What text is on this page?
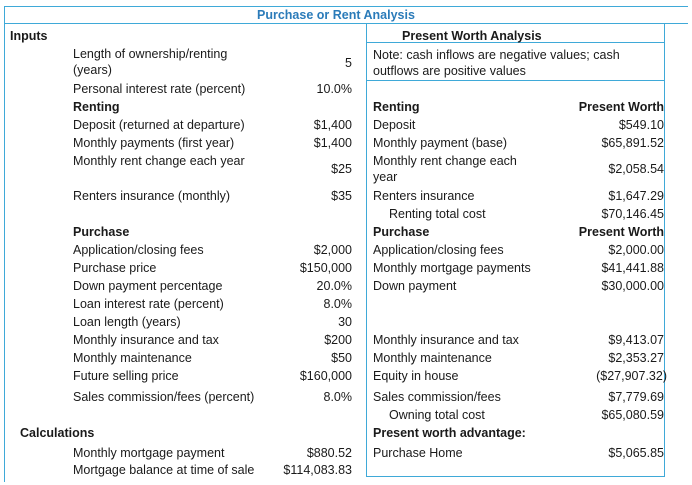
Purchase or Rent Analysis
Inputs
Calculations
Length of ownership/renting
(years)	5
Personal interest rate (percent)	10.0%
Renting
Deposit (returned at departure)	$1,400
Monthly payments (first year)	$1,400
Monthly rent change each year
$25
Renters insurance (monthly)	$35
Purchase
Application/closing fees	$2,000
Purchase price	$150,000
Down payment percentage	20.0%
Loan interest rate (percent)	8.0%
Loan length (years)	30
Monthly insurance and tax	$200
Monthly maintenance	$50
Future selling price	$160,000
Sales commission/fees (percent)	8.0%
Monthly mortgage payment	$880.52
Mortgage balance at time of sale $114,083.83
Present Worth Analysis
Note: cash inflows are negative values; cash
outflows are positive values
Renting	Present Worth
Deposit	$549.10
Monthly payment (base)	$65,891.52
Monthly rent change each
year
$2,058.54
Renters insurance	$1,647.29
Renting total cost	$70,146.45
Purchase	Present Worth
Application/closing fees	$2,000.00
Monthly mortgage payments	$41,441.88
Down payment	$30,000.00
Monthly insurance and tax	$9,413.07
Monthly maintenance	$2,353.27
Equity in house	($27,907.32)
Sales commission/fees	$7,779.69
Owning total cost	$65,080.59
Present worth advantage:
Purchase Home	$5,065.85
